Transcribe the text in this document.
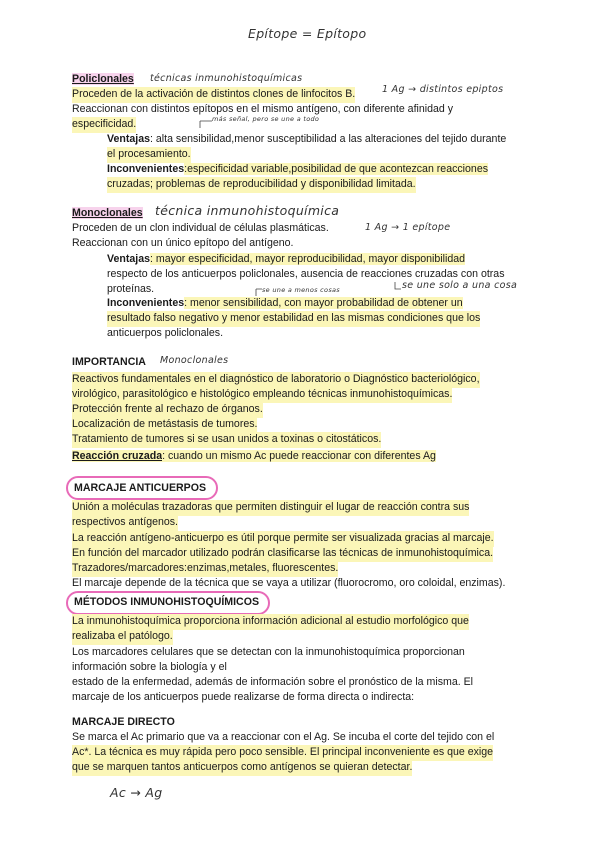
Epítope = Epítopo
Policlonales técnicas inmunohistoquímicas
Proceden de la activación de distintos clones de linfocitos B.	1 Ag → distintos epiptos
Reaccionan con distintos epítopos en el mismo antígeno, con diferente afinidad y
especificidad.	más señal, pero se une a todo
Ventajas: alta sensibilidad,menor susceptibilidad a las alteraciones del tejido durante
el procesamiento.
Inconvenientes:especificidad variable,posibilidad de que acontezcan reacciones
cruzadas; problemas de reproducibilidad y disponibilidad limitada.
Monoclonales técnica inmunohistoquímica
Proceden de un clon individual de células plasmáticas.	1 Ag → 1 epítope
Reaccionan con un único epítopo del antígeno.
Ventajas: mayor especificidad, mayor reproducibilidad, mayor disponibilidad
respecto de los anticuerpos policlonales, ausencia de reacciones cruzadas con otras
proteínas.	se une a menos cosas	se une solo a una cosa
Inconvenientes: menor sensibilidad, con mayor probabilidad de obtener un
resultado falso negativo y menor estabilidad en las mismas condiciones que los
anticuerpos policlonales.
IMPORTANCIA Monoclonales
Reactivos fundamentales en el diagnóstico de laboratorio o Diagnóstico bacteriológico,
virológico, parasitológico e histológico empleando técnicas inmunohistoquímicas.
Protección frente al rechazo de órganos.
Localización de metástasis de tumores.
Tratamiento de tumores si se usan unidos a toxinas o citostáticos.
Reacción cruzada: cuando un mismo Ac puede reaccionar con diferentes Ag
MARCAJE ANTICUERPOS
Unión a moléculas trazadoras que permiten distinguir el lugar de reacción contra sus
respectivos antígenos.
La reacción antígeno-anticuerpo es útil porque permite ser visualizada gracias al marcaje.
En función del marcador utilizado podrán clasificarse las técnicas de inmunohistoquímica.
Trazadores/marcadores:enzimas,metales, fluorescentes.
El marcaje depende de la técnica que se vaya a utilizar (fluorocromo, oro coloidal, enzimas).
MÉTODOS INMUNOHISTOQUÍMICOS
La inmunohistoquímica proporciona información adicional al estudio morfológico que
realizaba el patólogo.
Los marcadores celulares que se detectan con la inmunohistoquímica proporcionan
información sobre la biología y el
estado de la enfermedad, además de información sobre el pronóstico de la misma. El
marcaje de los anticuerpos puede realizarse de forma directa o indirecta:
MARCAJE DIRECTO
Se marca el Ac primario que va a reaccionar con el Ag. Se incuba el corte del tejido con el
Ac*. La técnica es muy rápida pero poco sensible. El principal inconveniente es que exige
que se marquen tantos anticuerpos como antígenos se quieran detectar.
Ac → Ag
